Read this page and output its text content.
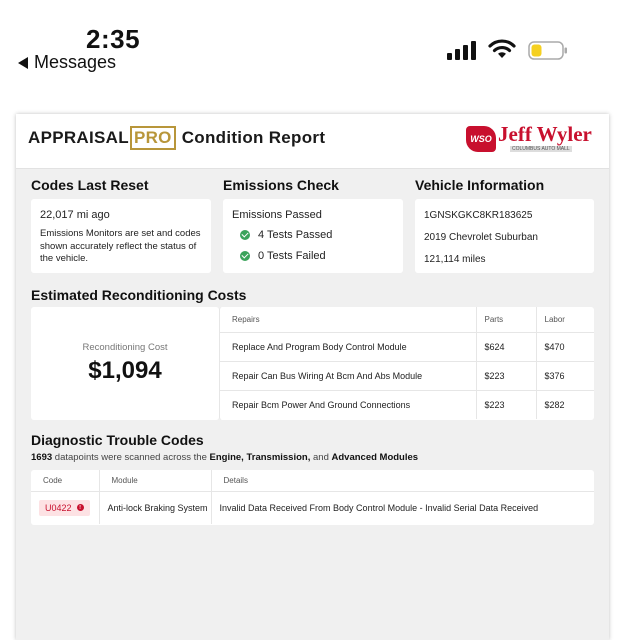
2:35
Messages
APPRAISAL PRO Condition Report	WSO Jeff Wyler
COLUMBUS AUTO MALL
Codes Last Reset
22,017 mi ago
Emissions Monitors are set and codes shown accurately reflect the status of the vehicle.
Emissions Check
Emissions Passed
4 Tests Passed
0 Tests Failed
Vehicle Information
1GNSKGKC8KR183625
2019 Chevrolet Suburban
121,114 miles
Estimated Reconditioning Costs
Reconditioning Cost
$1,094
Repairs	Parts	Labor
Replace And Program Body Control Module	$624	$470
Repair Can Bus Wiring At Bcm And Abs Module	$223	$376
Repair Bcm Power And Ground Connections	$223	$282
Diagnostic Trouble Codes
1693 datapoints were scanned across the Engine, Transmission, and Advanced Modules
Code	Module	Details

U0422 !	Anti-lock Braking System	Invalid Data Received From Body Control Module - Invalid Serial Data Received
